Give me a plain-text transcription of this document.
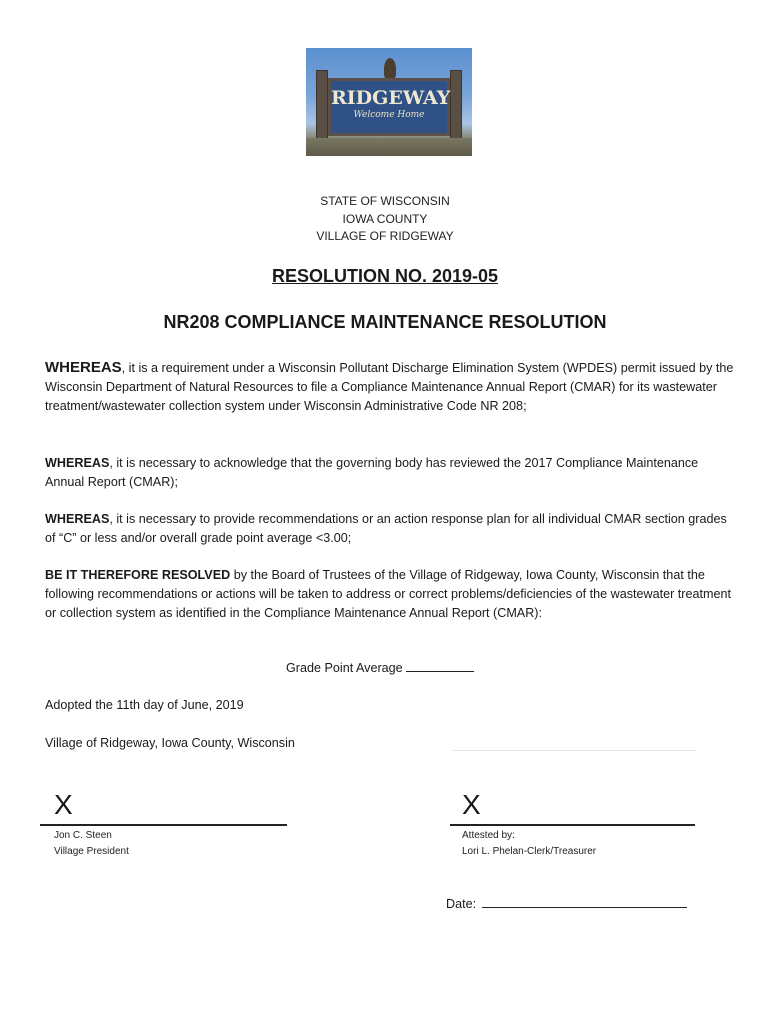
RIDGEWAY
Welcome Home
STATE OF WISCONSIN
IOWA COUNTY
VILLAGE OF RIDGEWAY
RESOLUTION NO. 2019-05
NR208 COMPLIANCE MAINTENANCE RESOLUTION
WHEREAS, it is a requirement under a Wisconsin Pollutant Discharge Elimination System (WPDES) permit issued by the Wisconsin Department of Natural Resources to file a Compliance Maintenance Annual Report (CMAR) for its wastewater treatment/wastewater collection system under Wisconsin Administrative Code NR 208;
WHEREAS, it is necessary to acknowledge that the governing body has reviewed the 2017 Compliance Maintenance Annual Report (CMAR);
WHEREAS, it is necessary to provide recommendations or an action response plan for all individual CMAR section grades of “C” or less and/or overall grade point average <3.00;
BE IT THEREFORE RESOLVED by the Board of Trustees of the Village of Ridgeway, Iowa County, Wisconsin that the following recommendations or actions will be taken to address or correct problems/deficiencies of the wastewater treatment or collection system as identified in the Compliance Maintenance Annual Report (CMAR):
Grade Point Average
Adopted the 11th day of June, 2019
Village of Ridgeway, Iowa County, Wisconsin
X
Jon C. Steen
Village President
X
Attested by:
Lori L. Phelan-Clerk/Treasurer
Date:
